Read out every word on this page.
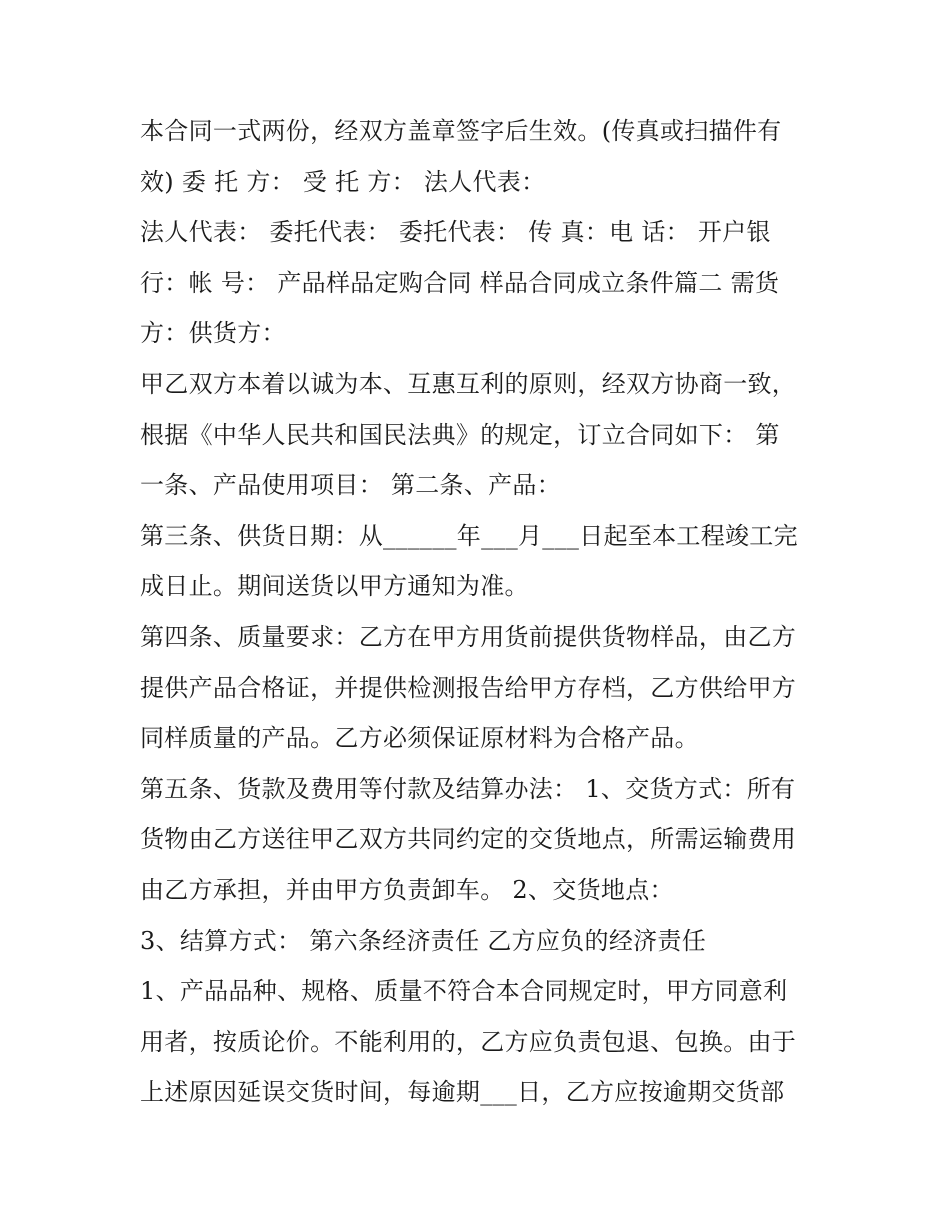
本合同一式两份，经双方盖章签字后生效。(传真或扫描件有
效) 委 托 方： 受 托 方： 法人代表：
法人代表： 委托代表： 委托代表： 传 真：电 话： 开户银
行：帐 号： 产品样品定购合同 样品合同成立条件篇二 需货
方：供货方：
甲乙双方本着以诚为本、互惠互利的原则，经双方协商一致，
根据《中华人民共和国民法典》的规定，订立合同如下： 第
一条、产品使用项目： 第二条、产品：
第三条、供货日期：从______年___月___日起至本工程竣工完
成日止。期间送货以甲方通知为准。
第四条、质量要求：乙方在甲方用货前提供货物样品，由乙方
提供产品合格证，并提供检测报告给甲方存档，乙方供给甲方
同样质量的产品。乙方必须保证原材料为合格产品。
第五条、货款及费用等付款及结算办法： 1、交货方式：所有
货物由乙方送往甲乙双方共同约定的交货地点，所需运输费用
由乙方承担，并由甲方负责卸车。 2、交货地点：
3、结算方式： 第六条经济责任 乙方应负的经济责任
1、产品品种、规格、质量不符合本合同规定时，甲方同意利
用者，按质论价。不能利用的，乙方应负责包退、包换。由于
上述原因延误交货时间，每逾期___日，乙方应按逾期交货部
